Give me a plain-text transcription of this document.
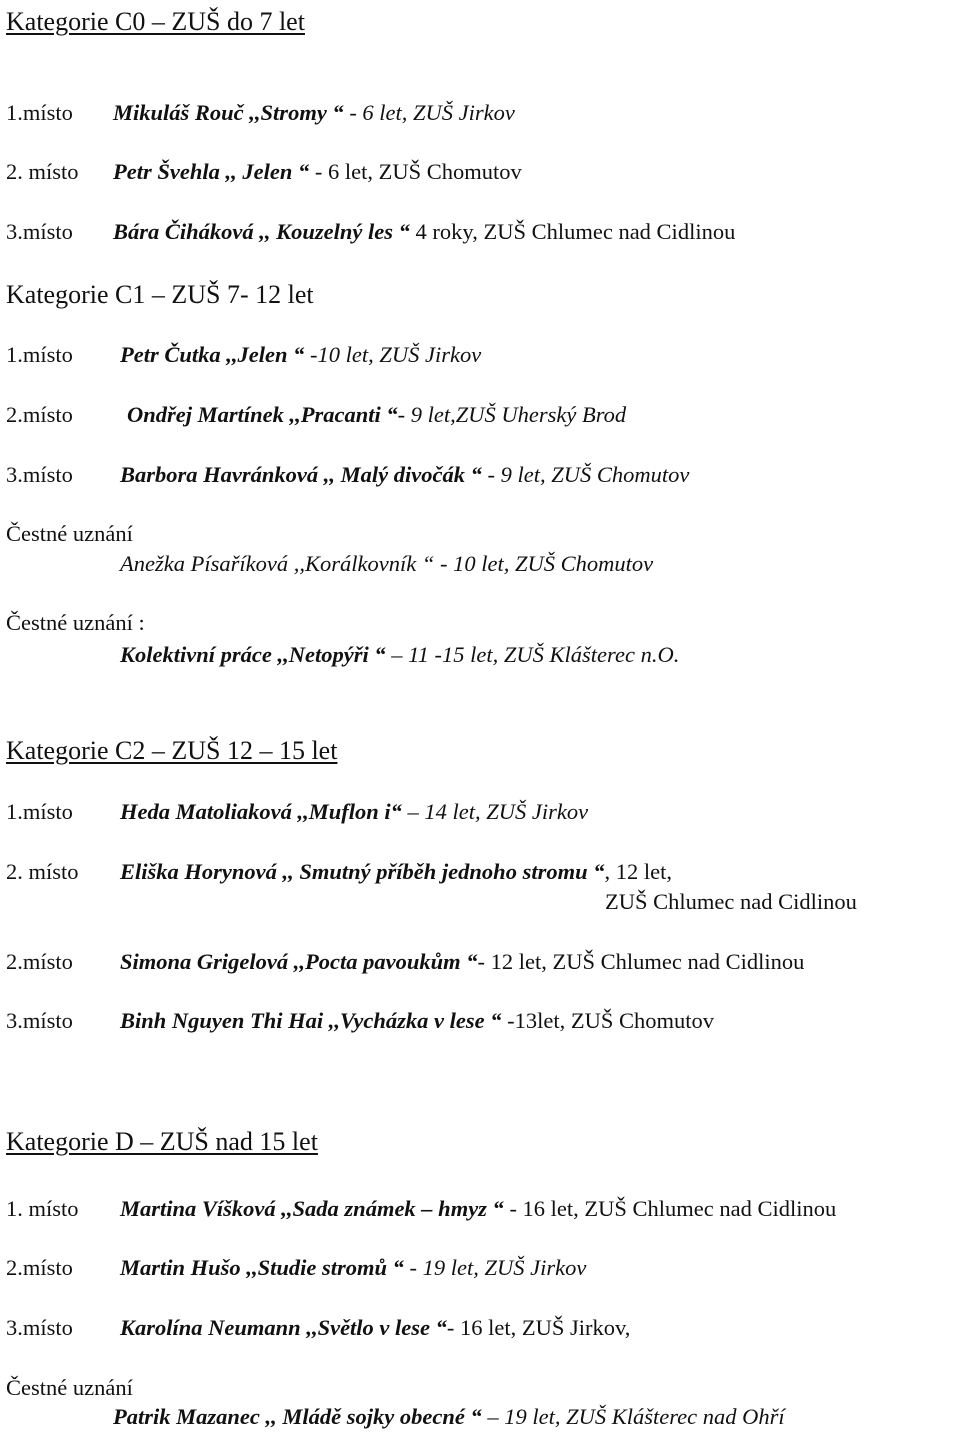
Kategorie C0 – ZUŠ do 7 let
1.místo Mikuláš Rouč ,,Stromy “ - 6 let, ZUŠ Jirkov
2. místo Petr Švehla ,, Jelen “ - 6 let, ZUŠ Chomutov
3.místo Bára Čiháková ,, Kouzelný les “ 4 roky, ZUŠ Chlumec nad Cidlinou
Kategorie C1 – ZUŠ 7- 12 let
1.místo Petr Čutka ,,Jelen “ -10 let, ZUŠ Jirkov
2.místo Ondřej Martínek ,,Pracanti “- 9 let,ZUŠ Uherský Brod
3.místo Barbora Havránková ,, Malý divočák “ - 9 let, ZUŠ Chomutov
Čestné uznání
Anežka Písaříková ,,Korálkovník “ - 10 let, ZUŠ Chomutov
Čestné uznání :
Kolektivní práce ,,Netopýři “ – 11 -15 let, ZUŠ Klášterec n.O.
Kategorie C2 – ZUŠ 12 – 15 let
1.místo Heda Matoliaková ,,Muflon i“ – 14 let, ZUŠ Jirkov
2. místo Eliška Horynová ,, Smutný příběh jednoho stromu “, 12 let,
ZUŠ Chlumec nad Cidlinou
2.místo Simona Grigelová ,,Pocta pavoukům “- 12 let, ZUŠ Chlumec nad Cidlinou
3.místo Binh Nguyen Thi Hai ,,Vycházka v lese “ -13let, ZUŠ Chomutov
Kategorie D – ZUŠ nad 15 let
1. místo Martina Víšková ,,Sada známek – hmyz “ - 16 let, ZUŠ Chlumec nad Cidlinou
2.místo Martin Hušo ,,Studie stromů “ - 19 let, ZUŠ Jirkov
3.místo Karolína Neumann ,,Světlo v lese “- 16 let, ZUŠ Jirkov,
Čestné uznání
Patrik Mazanec ,, Mládě sojky obecné “ – 19 let, ZUŠ Klášterec nad Ohří
